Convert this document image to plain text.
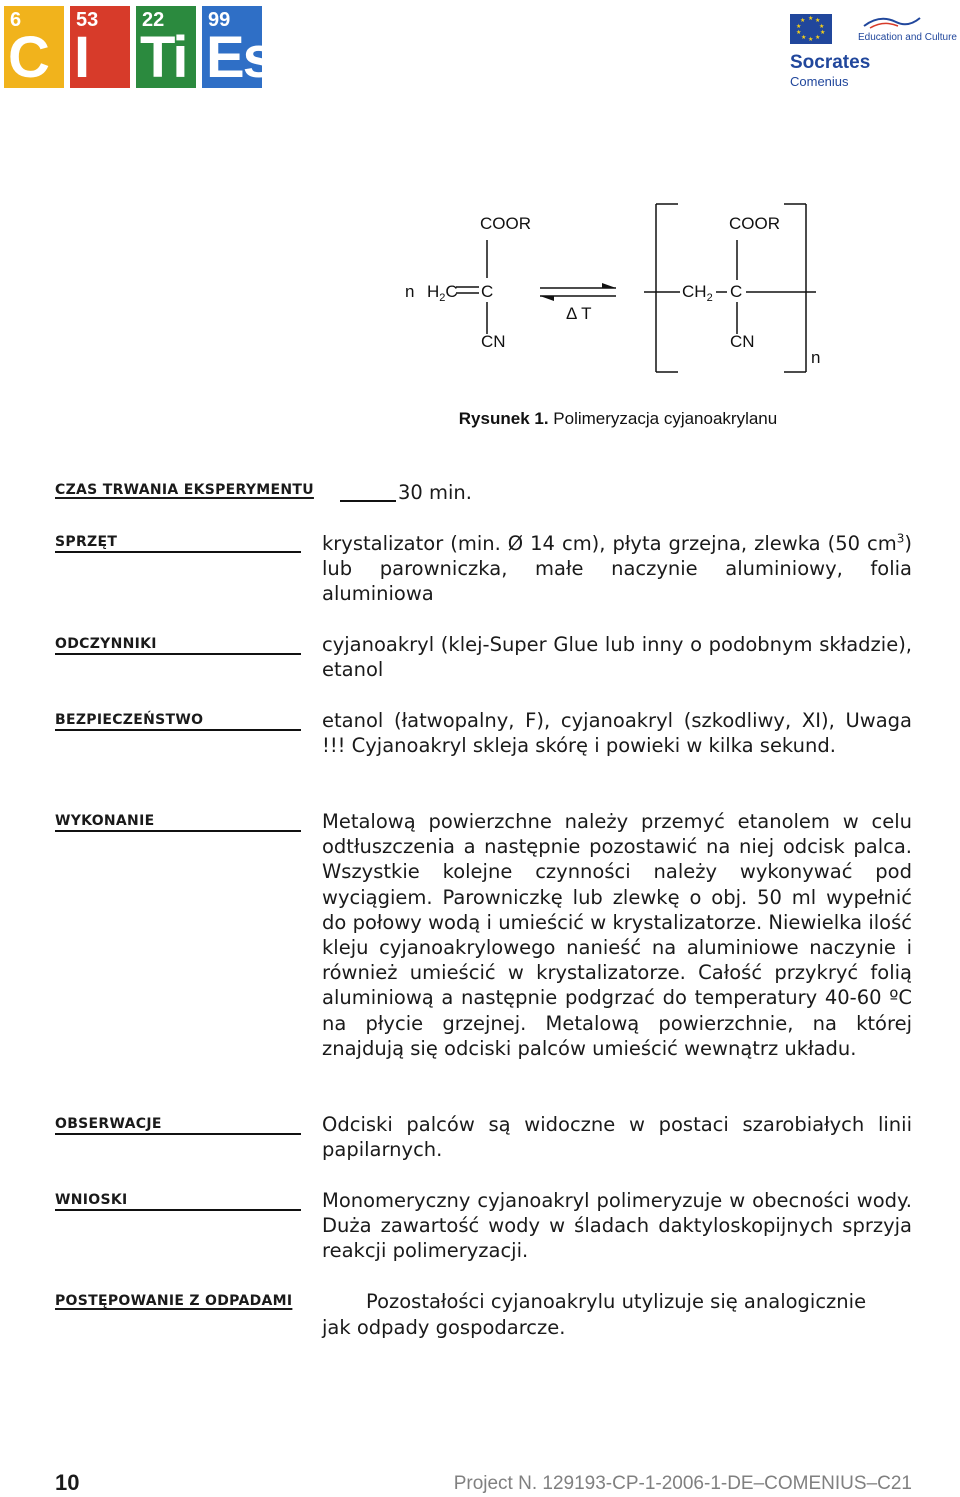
6
C
53
I
22
Ti
99
Es
★ ★
★
★
★
★
★
★
★
★
Education and Culture
Socrates
Comenius
COOR
n $H_2C$ C
CN
Δ T
COOR
$CH_2$ C
CN
n
Rysunek 1. Polimeryzacja cyjanoakrylanu
CZAS TRWANIA EKSPERYMENTU	30 min.
SPRZĘT	krystalizator (min. Ø 14 cm), płyta grzejna, zlewka (50 $cm^3$) lub parowniczka, małe naczynie aluminiowy, folia aluminiowa
ODCZYNNIKI	cyjanoakryl (klej-Super Glue lub inny o podobnym składzie), etanol
BEZPIECZEŃSTWO	etanol (łatwopalny, F), cyjanoakryl (szkodliwy, XI), Uwaga !!! Cyjanoakryl skleja skórę i powieki w kilka sekund.
WYKONANIE	Metalową powierzchne należy przemyć etanolem w celu odtłuszczenia a następnie pozostawić na niej odcisk palca. Wszystkie kolejne czynności należy wykonywać pod wyciągiem. Parowniczkę lub zlewkę o obj. 50 ml wypełnić do połowy wodą i umieścić w krystalizatorze. Niewielka ilość kleju cyjanoakrylowego nanieść na aluminiowe naczynie i również umieścić w krystalizatorze. Całość przykryć folią aluminiową a następnie podgrzać do temperatury 40-60 ºC na płycie grzejnej. Metalową powierzchnie, na której znajdują się odciski palców umieścić wewnątrz układu.
OBSERWACJE	Odciski palców są widoczne w postaci szarobiałych linii papilarnych.
WNIOSKI	Monomeryczny cyjanoakryl polimeryzuje w obecności wody. Duża zawartość wody w śladach daktyloskopijnych sprzyja reakcji polimeryzacji.
POSTĘPOWANIE Z ODPADAMI	Pozostałości cyjanoakrylu utylizuje się analogicznie
jak odpady gospodarcze.
10	Project N. 129193-CP-1-2006-1-DE–COMENIUS–C21
